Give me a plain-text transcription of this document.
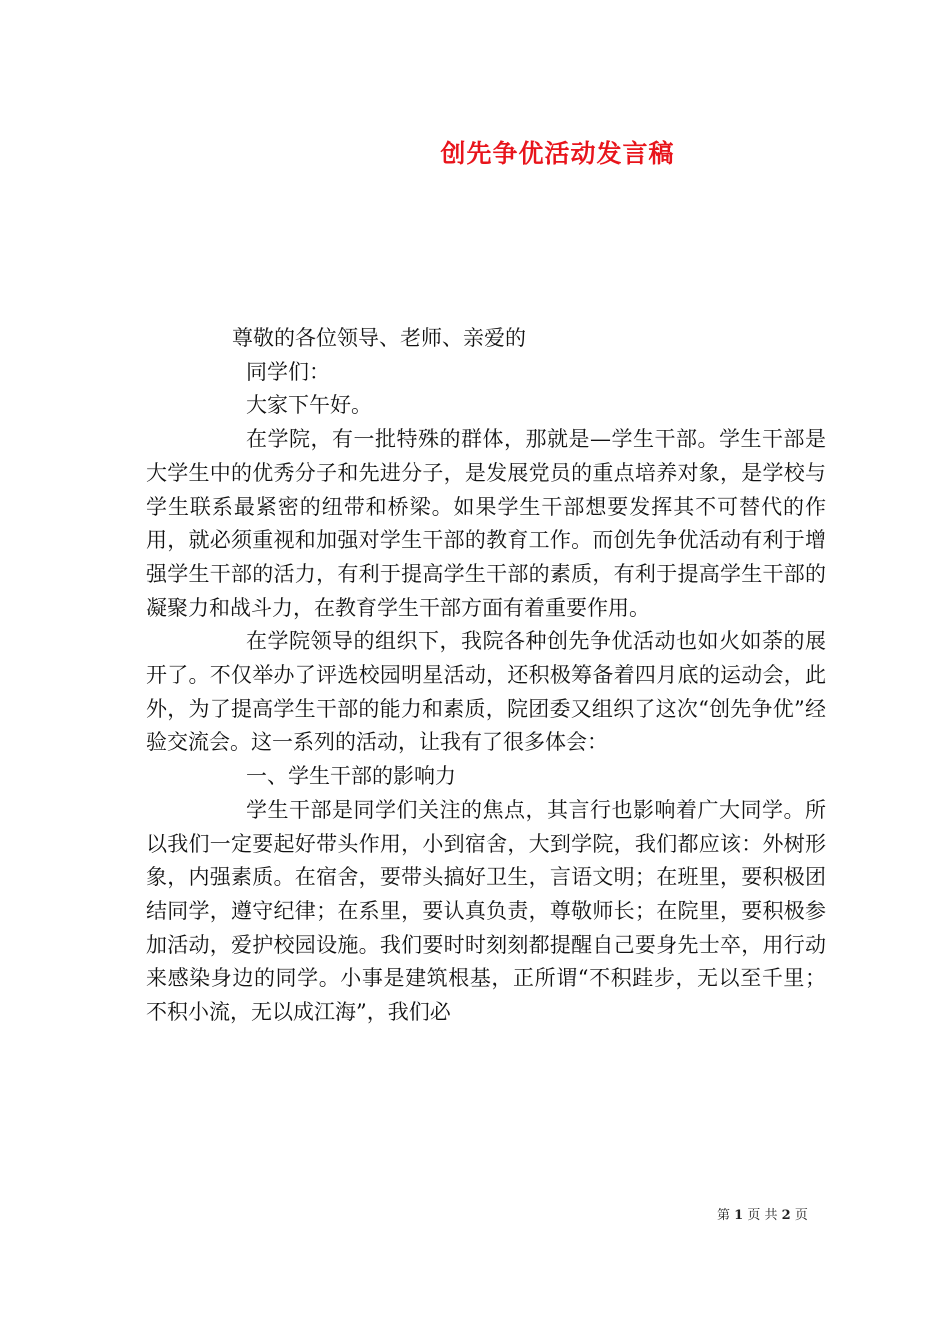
创先争优活动发言稿

尊敬的各位领导、老师、亲爱的

同学们：

大家下午好。

在学院，有一批特殊的群体，那就是—学生干部。学生干部是大学生中的优秀分子和先进分子，是发展党员的重点培养对象，是学校与学生联系最紧密的纽带和桥梁。如果学生干部想要发挥其不可替代的作用，就必须重视和加强对学生干部的教育工作。而创先争优活动有利于增强学生干部的活力，有利于提高学生干部的素质，有利于提高学生干部的凝聚力和战斗力，在教育学生干部方面有着重要作用。

在学院领导的组织下，我院各种创先争优活动也如火如荼的展开了。不仅举办了评选校园明星活动，还积极筹备着四月底的运动会，此外，为了提高学生干部的能力和素质，院团委又组织了这次“创先争优”经验交流会。这一系列的活动，让我有了很多体会：

一、学生干部的影响力

学生干部是同学们关注的焦点，其言行也影响着广大同学。所以我们一定要起好带头作用，小到宿舍，大到学院，我们都应该：外树形象，内强素质。在宿舍，要带头搞好卫生，言语文明；在班里，要积极团结同学，遵守纪律；在系里，要认真负责，尊敬师长；在院里，要积极参加活动，爱护校园设施。我们要时时刻刻都提醒自己要身先士卒，用行动来感染身边的同学。小事是建筑根基，正所谓“不积跬步，无以至千里；不积小流，无以成江海”，我们必

第 1 页 共 2 页
